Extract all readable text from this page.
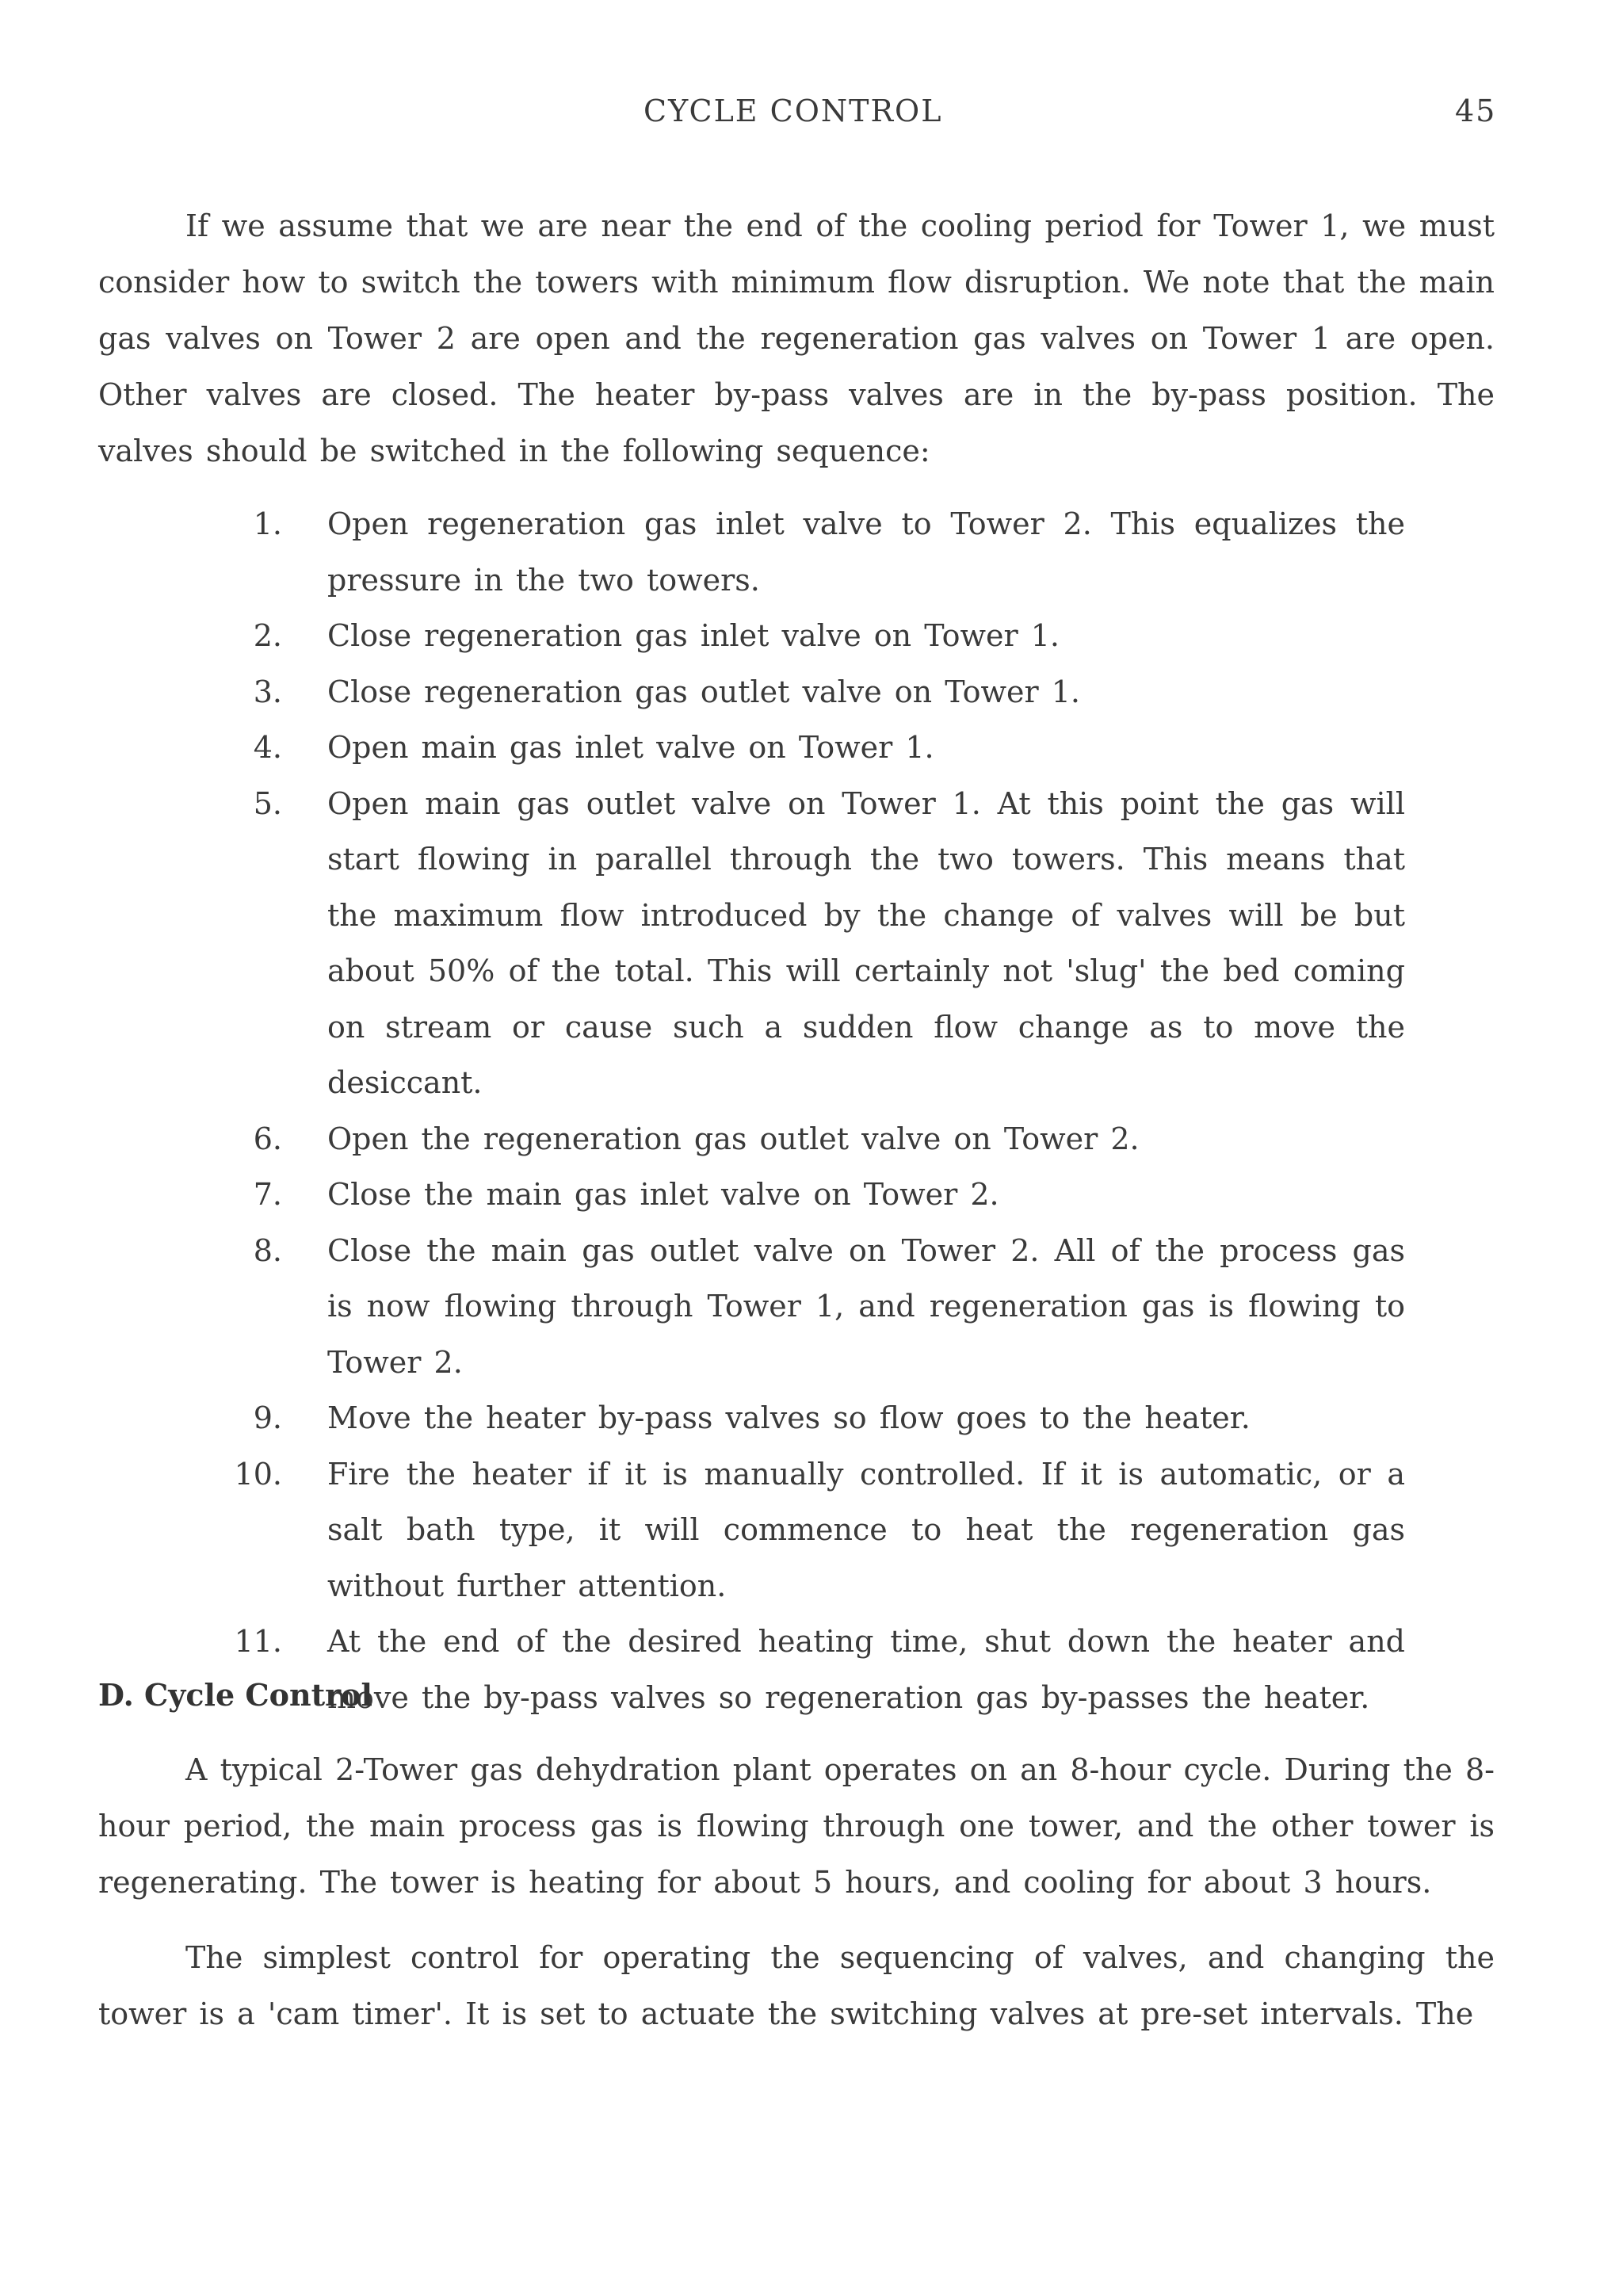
CYCLE CONTROL	45

If we assume that we are near the end of the cooling period for Tower 1, we must consider how to switch the towers with minimum flow disruption. We note that the main gas valves on Tower 2 are open and the regeneration gas valves on Tower 1 are open. Other valves are closed. The heater by-pass valves are in the by-pass position. The valves should be switched in the following sequence:

1. Open regeneration gas inlet valve to Tower 2. This equalizes the pressure in the two towers.
2. Close regeneration gas inlet valve on Tower 1.
3. Close regeneration gas outlet valve on Tower 1.
4. Open main gas inlet valve on Tower 1.
5. Open main gas outlet valve on Tower 1. At this point the gas will start flowing in parallel through the two towers. This means that the maximum flow introduced by the change of valves will be but about 50% of the total. This will certainly not 'slug' the bed coming on stream or cause such a sudden flow change as to move the desiccant.
6. Open the regeneration gas outlet valve on Tower 2.
7. Close the main gas inlet valve on Tower 2.
8. Close the main gas outlet valve on Tower 2. All of the process gas is now flowing through Tower 1, and regeneration gas is flowing to Tower 2.
9. Move the heater by-pass valves so flow goes to the heater.
10. Fire the heater if it is manually controlled. If it is automatic, or a salt bath type, it will commence to heat the regeneration gas without further attention.
11. At the end of the desired heating time, shut down the heater and move the by-pass valves so regeneration gas by-passes the heater.
D. Cycle Control

A typical 2-Tower gas dehydration plant operates on an 8-hour cycle. During the 8-hour period, the main process gas is flowing through one tower, and the other tower is regenerating. The tower is heating for about 5 hours, and cooling for about 3 hours.

The simplest control for operating the sequencing of valves, and changing the tower is a 'cam timer'. It is set to actuate the switching valves at pre-set intervals. The
